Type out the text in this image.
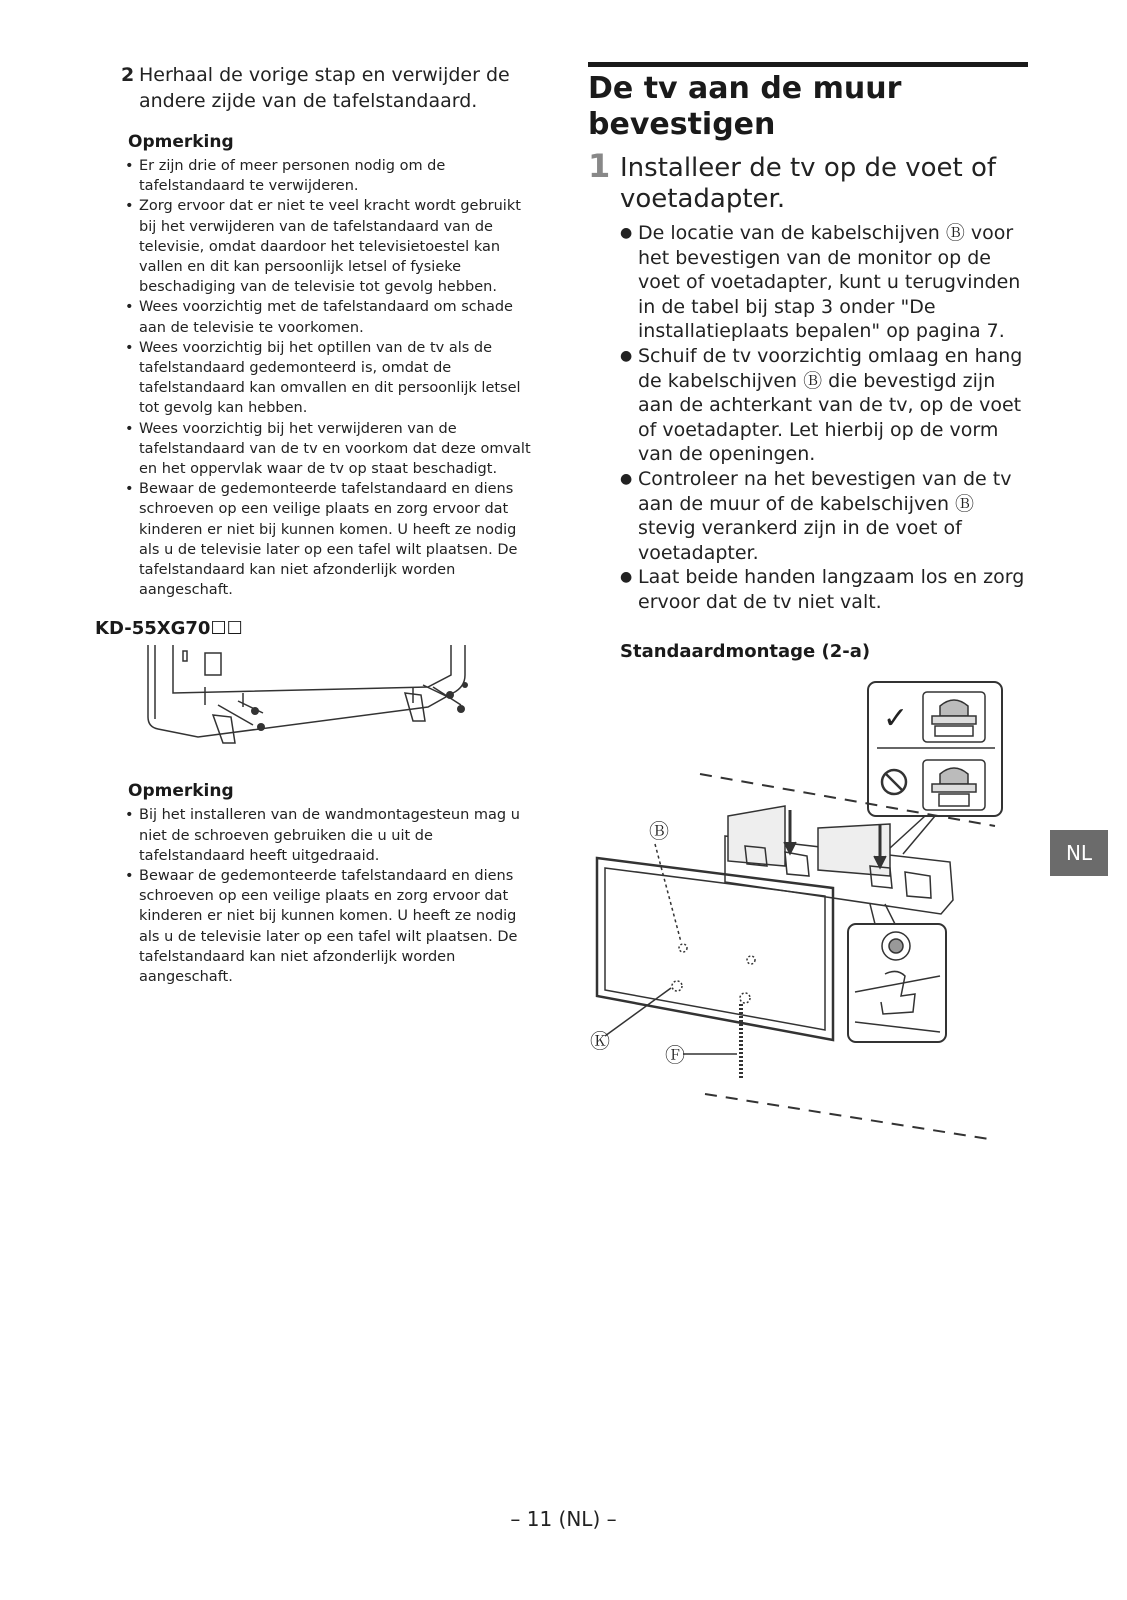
2 Herhaal de vorige stap en verwijder de andere zijde van de tafelstandaard.
Opmerking
• Er zijn drie of meer personen nodig om de tafelstandaard te verwijderen.
• Zorg ervoor dat er niet te veel kracht wordt gebruikt bij het verwijderen van de tafelstandaard van de televisie, omdat daardoor het televisietoestel kan vallen en dit kan persoonlijk letsel of fysieke beschadiging van de televisie tot gevolg hebben.
• Wees voorzichtig met de tafelstandaard om schade aan de televisie te voorkomen.
• Wees voorzichtig bij het optillen van de tv als de tafelstandaard gedemonteerd is, omdat de tafelstandaard kan omvallen en dit persoonlijk letsel tot gevolg kan hebben.
• Wees voorzichtig bij het verwijderen van de tafelstandaard van de tv en voorkom dat deze omvalt en het oppervlak waar de tv op staat beschadigt.
• Bewaar de gedemonteerde tafelstandaard en diens schroeven op een veilige plaats en zorg ervoor dat kinderen er niet bij kunnen komen. U heeft ze nodig als u de televisie later op een tafel wilt plaatsen. De tafelstandaard kan niet afzonderlijk worden aangeschaft.
KD-55XG70☐☐
Opmerking
• Bij het installeren van de wandmontagesteun mag u niet de schroeven gebruiken die u uit de tafelstandaard heeft uitgedraaid.
• Bewaar de gedemonteerde tafelstandaard en diens schroeven op een veilige plaats en zorg ervoor dat kinderen er niet bij kunnen komen. U heeft ze nodig als u de televisie later op een tafel wilt plaatsen. De tafelstandaard kan niet afzonderlijk worden aangeschaft.
De tv aan de muur bevestigen
1 Installeer de tv op de voet of voetadapter.
● De locatie van de kabelschijven Ⓑ voor het bevestigen van de monitor op de voet of voetadapter, kunt u terugvinden in de tabel bij stap 3 onder "De installatieplaats bepalen" op pagina 7.
● Schuif de tv voorzichtig omlaag en hang de kabelschijven Ⓑ die bevestigd zijn aan de achterkant van de tv, op de voet of voetadapter. Let hierbij op de vorm van de openingen.
● Controleer na het bevestigen van de tv aan de muur of de kabelschijven Ⓑ stevig verankerd zijn in de voet of voetadapter.
● Laat beide handen langzaam los en zorg ervoor dat de tv niet valt.
Standaardmontage (2-a)
✓
Ⓑ
Ⓚ
Ⓕ
NL
– 11 (NL) –
